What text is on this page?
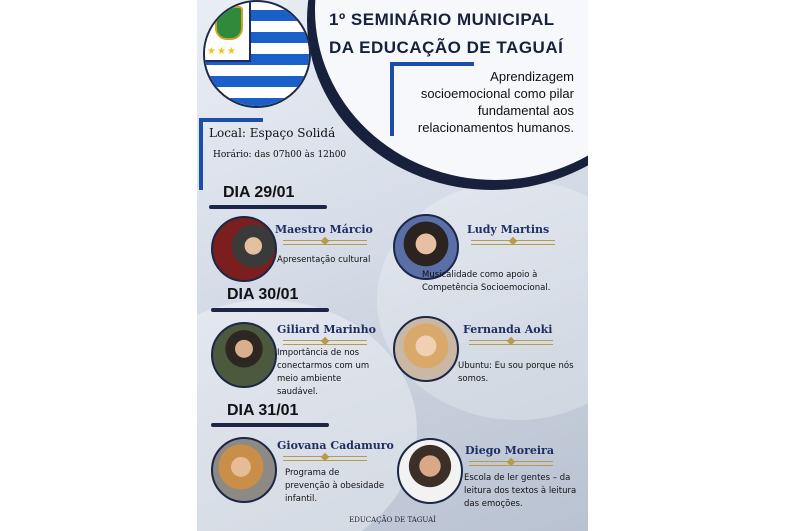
★★★
1º SEMINÁRIO MUNICIPAL
DA EDUCAÇÃO DE TAGUAÍ
Aprendizagem socioemocional como pilar fundamental aos relacionamentos humanos.
Local: Espaço Solidá
Horário: das 07h00 às 12h00
DIA 29/01
Maestro Márcio
Apresentação cultural
Ludy Martins
Musicalidade como apoio à Competência Socioemocional.
DIA 30/01
Giliard Marinho
Importância de nos conectarmos com um meio ambiente saudável.
Fernanda Aoki
Ubuntu: Eu sou porque nós somos.
DIA 31/01
Giovana Cadamuro
Programa de prevenção à obesidade infantil.
Diego Moreira
Escola de ler gentes – da leitura dos textos à leitura das emoções.
EDUCAÇÃO DE TAGUAÍ
